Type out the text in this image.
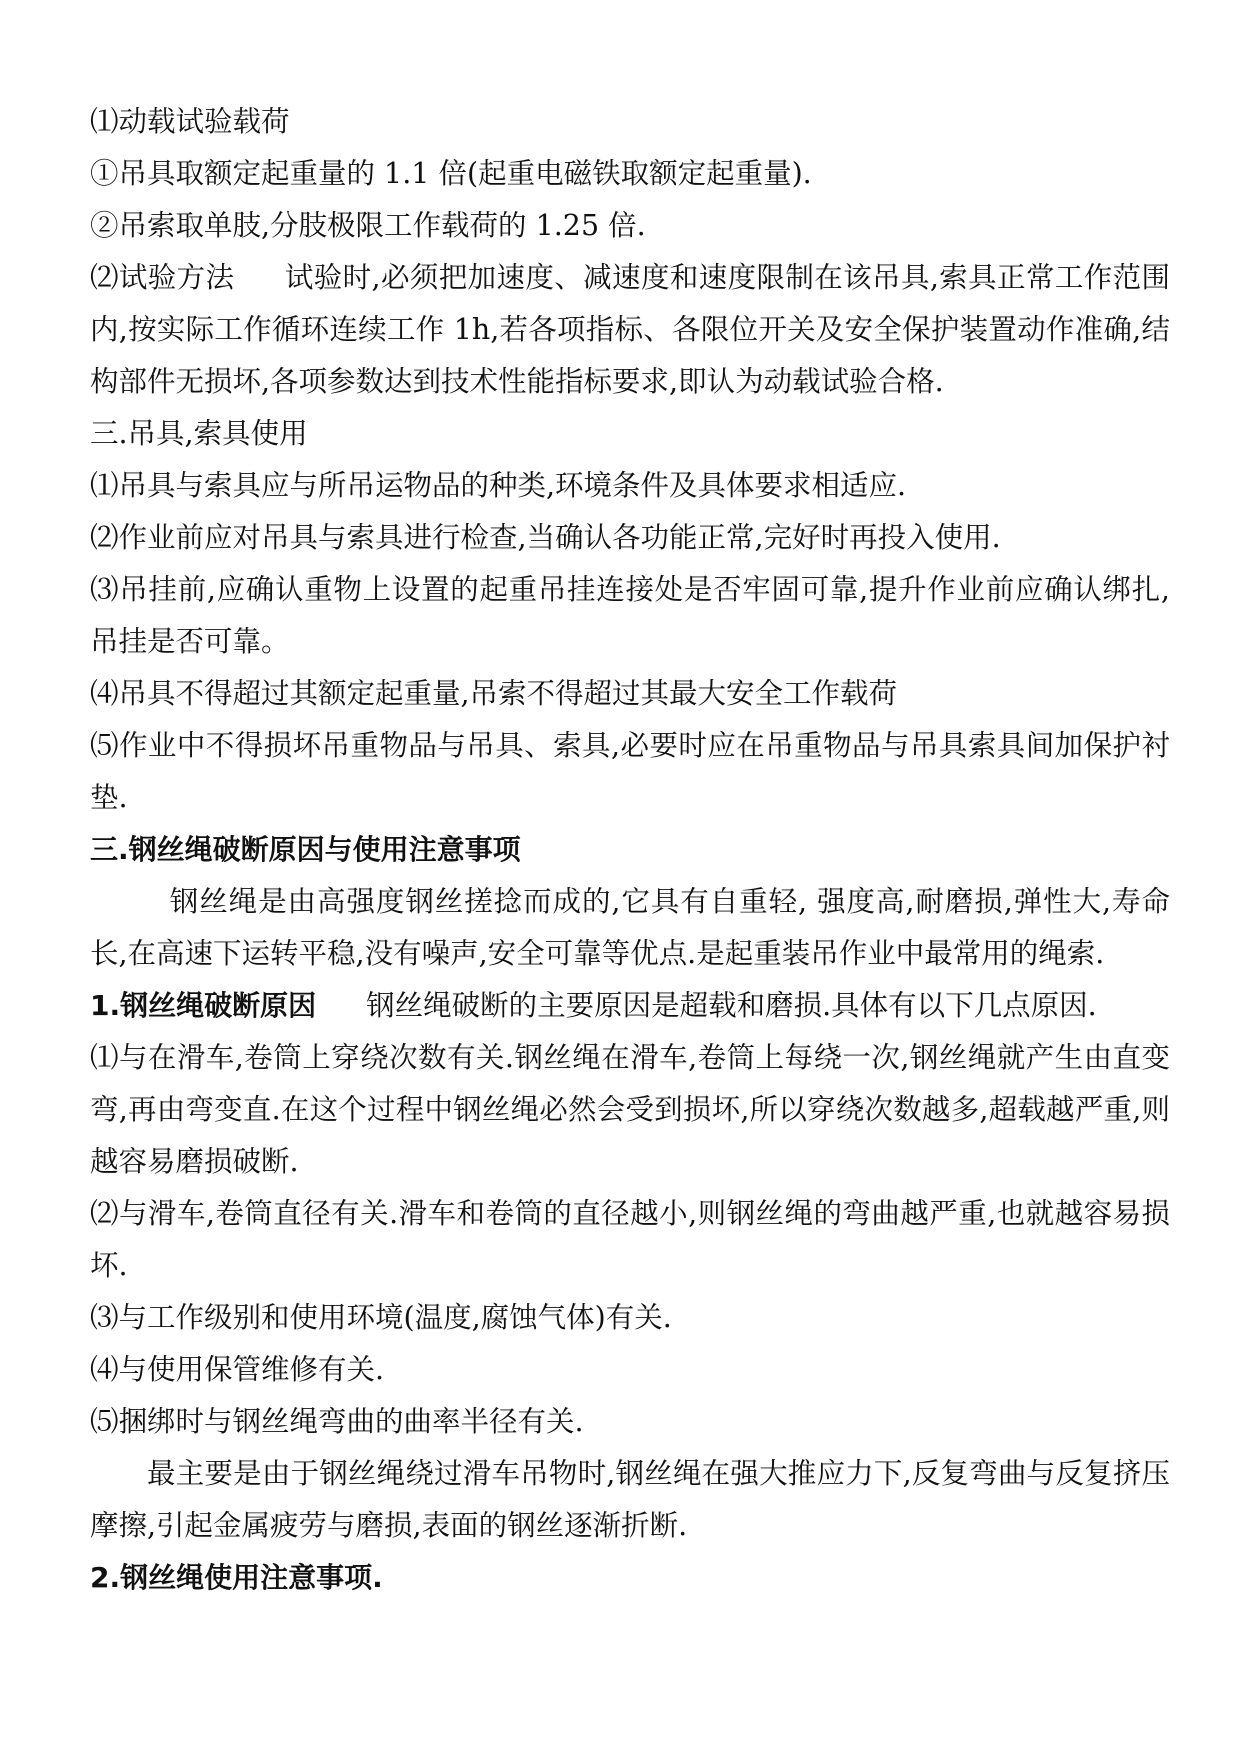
⑴动载试验载荷

①吊具取额定起重量的 1.1 倍(起重电磁铁取额定起重量).

②吊索取单肢,分肢极限工作载荷的 1.25 倍.

⑵试验方法 试验时,必须把加速度、减速度和速度限制在该吊具,索具正常工作范围内,按实际工作循环连续工作 1h,若各项指标、各限位开关及安全保护装置动作准确,结构部件无损坏,各项参数达到技术性能指标要求,即认为动载试验合格.

三.吊具,索具使用

⑴吊具与索具应与所吊运物品的种类,环境条件及具体要求相适应.

⑵作业前应对吊具与索具进行检查,当确认各功能正常,完好时再投入使用.

⑶吊挂前,应确认重物上设置的起重吊挂连接处是否牢固可靠,提升作业前应确认绑扎,吊挂是否可靠。

⑷吊具不得超过其额定起重量,吊索不得超过其最大安全工作载荷

⑸作业中不得损坏吊重物品与吊具、索具,必要时应在吊重物品与吊具索具间加保护衬垫.

三.钢丝绳破断原因与使用注意事项

钢丝绳是由高强度钢丝搓捻而成的,它具有自重轻, 强度高,耐磨损,弹性大,寿命长,在高速下运转平稳,没有噪声,安全可靠等优点.是起重装吊作业中最常用的绳索.

1.钢丝绳破断原因 钢丝绳破断的主要原因是超载和磨损.具体有以下几点原因.

⑴与在滑车,卷筒上穿绕次数有关.钢丝绳在滑车,卷筒上每绕一次,钢丝绳就产生由直变弯,再由弯变直.在这个过程中钢丝绳必然会受到损坏,所以穿绕次数越多,超载越严重,则越容易磨损破断.

⑵与滑车,卷筒直径有关.滑车和卷筒的直径越小,则钢丝绳的弯曲越严重,也就越容易损坏.

⑶与工作级别和使用环境(温度,腐蚀气体)有关.

⑷与使用保管维修有关.

⑸捆绑时与钢丝绳弯曲的曲率半径有关.

最主要是由于钢丝绳绕过滑车吊物时,钢丝绳在强大推应力下,反复弯曲与反复挤压摩擦,引起金属疲劳与磨损,表面的钢丝逐渐折断.

2.钢丝绳使用注意事项.
